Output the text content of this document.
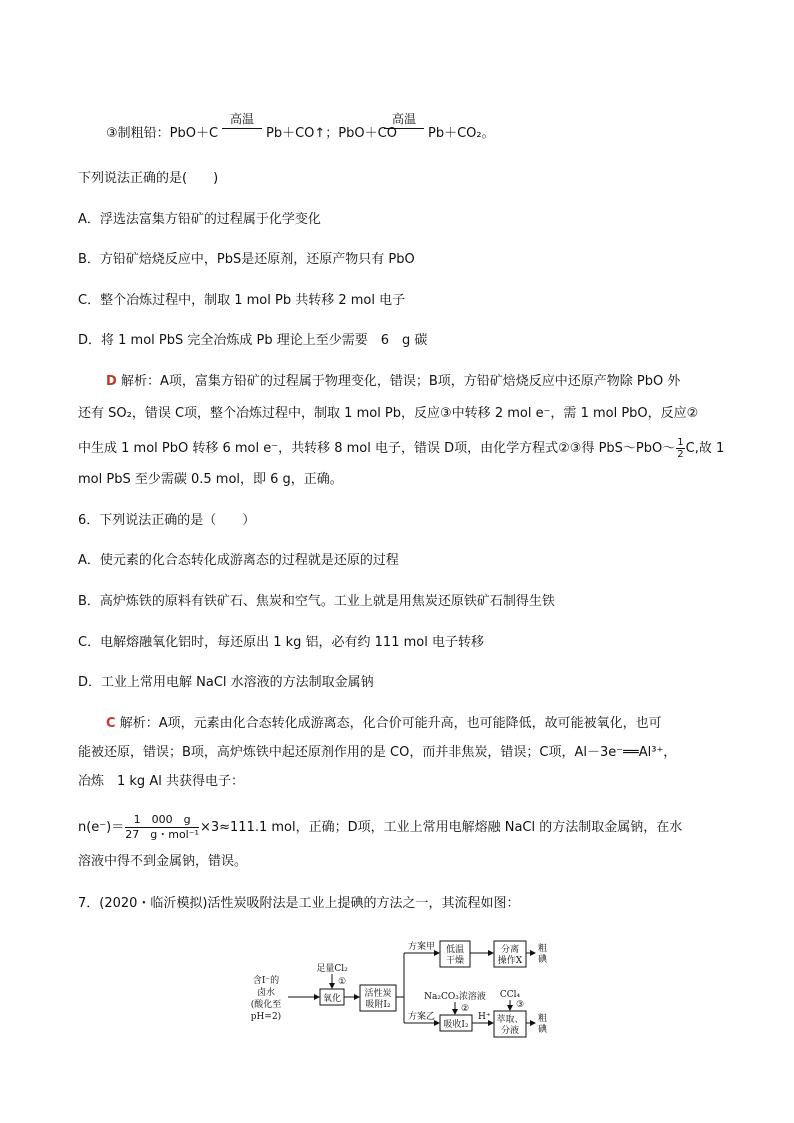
③制粗铅：PbO＋C
高温
Pb＋CO↑；PbO＋CO
高温
Pb＋CO₂。
下列说法正确的是(　　)
A．浮选法富集方铅矿的过程属于化学变化
B．方铅矿焙烧反应中，PbS是还原剂，还原产物只有 PbO
C．整个冶炼过程中，制取 1 mol Pb 共转移 2 mol 电子
D．将 1 mol PbS 完全冶炼成 Pb 理论上至少需要　6　g 碳
D 解析：A项，富集方铅矿的过程属于物理变化，错误；B项，方铅矿焙烧反应中还原产物除 PbO 外
还有 SO₂，错误 C项，整个冶炼过程中，制取 1 mol Pb，反应③中转移 2 mol e⁻，需 1 mol PbO，反应②
中生成 1 mol PbO 转移 6 mol e⁻，共转移 8 mol 电子，错误 D项，由化学方程式②③得 PbS～PbO～ $\frac{1}{2} C$,故 1
mol PbS 至少需碳 0.5 mol，即 6 g，正确。
6．下列说法正确的是（　　）
A．使元素的化合态转化成游离态的过程就是还原的过程
B．高炉炼铁的原料有铁矿石、焦炭和空气。工业上就是用焦炭还原铁矿石制得生铁
C．电解熔融氧化铝时，每还原出 1 kg 铝，必有约 111 mol 电子转移
D．工业上常用电解 NaCl 水溶液的方法制取金属钠
C 解析：A项，元素由化合态转化成游离态，化合价可能升高，也可能降低，故可能被氧化，也可
能被还原，错误；B项，高炉炼铁中起还原剂作用的是 CO，而并非焦炭，错误；C项，Al－3e⁻══Al³⁺，
冶炼　1 kg Al 共获得电子：
$n(e^-)= \frac{1 000 g}{\text{27　g・mol⁻¹}} \times 3\approx 111.1$ mol，正确；D项，工业上常用电解熔融 NaCl 的方法制取金属钠，在水
溶液中得不到金属钠，错误。
7．(2020・临沂模拟)活性炭吸附法是工业上提碘的方法之一，其流程如图：
含I⁻的
卤水
(酸化至
pH=2)
足量Cl₂
①
氧化	活性炭
吸附I₂
方案甲
方案乙
低温
干燥
分离
操作X
粗
碘
Na₂CO₃浓溶液
②
吸收I₂
H⁺
CCl₄
③
萃取、
分液
粗
碘
